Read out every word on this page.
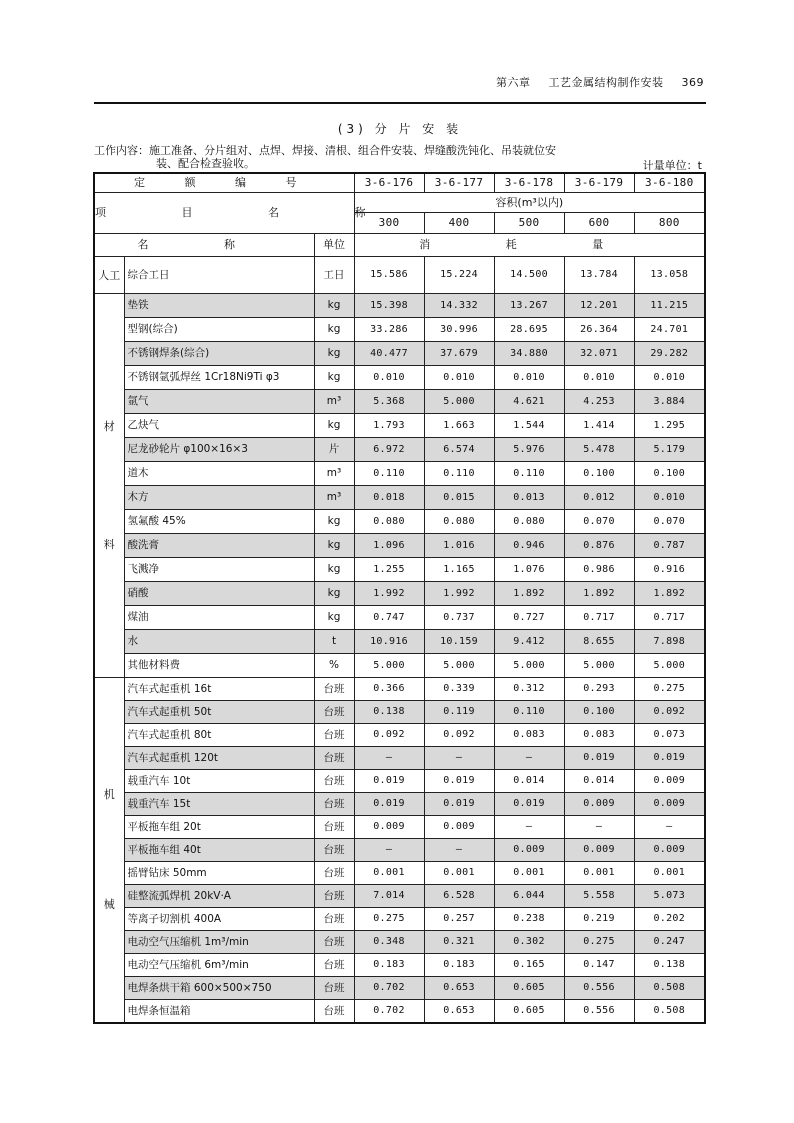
第六章 工艺金属结构制作安装 369
(3) 分 片 安 装
工作内容：施工准备、分片组对、点焊、焊接、清根、组合件安装、焊缝酸洗钝化、吊装就位安
装、配合检查验收。	计量单位：t
定 额 编 号			3-6-176	3-6-177	3-6-178	3-6-179	3-6-180
项 目 名 称			容积(m³以内)				
			300	400	500	600	800
名 称		单位	消 耗 量				
人工	综合工日	工日	15.586	15.224	14.500	13.784	13.058
材料	垫铁	kg	15.398	14.332	13.267	12.201	11.215
	型钢(综合)	kg	33.286	30.996	28.695	26.364	24.701
	不锈钢焊条(综合)	kg	40.477	37.679	34.880	32.071	29.282
	不锈钢氩弧焊丝 1Cr18Ni9Ti φ3	kg	0.010	0.010	0.010	0.010	0.010
	氩气	m³	5.368	5.000	4.621	4.253	3.884
	乙炔气	kg	1.793	1.663	1.544	1.414	1.295
	尼龙砂轮片 φ100×16×3	片	6.972	6.574	5.976	5.478	5.179
	道木	m³	0.110	0.110	0.110	0.100	0.100
	木方	m³	0.018	0.015	0.013	0.012	0.010
	氢氟酸 45%	kg	0.080	0.080	0.080	0.070	0.070
	酸洗膏	kg	1.096	1.016	0.946	0.876	0.787
	飞溅净	kg	1.255	1.165	1.076	0.986	0.916
	硝酸	kg	1.992	1.992	1.892	1.892	1.892
	煤油	kg	0.747	0.737	0.727	0.717	0.717
	水	t	10.916	10.159	9.412	8.655	7.898
	其他材料费	%	5.000	5.000	5.000	5.000	5.000
机械	汽车式起重机 16t	台班	0.366	0.339	0.312	0.293	0.275
	汽车式起重机 50t	台班	0.138	0.119	0.110	0.100	0.092
	汽车式起重机 80t	台班	0.092	0.092	0.083	0.083	0.073
	汽车式起重机 120t	台班	—	—	—	0.019	0.019
	载重汽车 10t	台班	0.019	0.019	0.014	0.014	0.009
	载重汽车 15t	台班	0.019	0.019	0.019	0.009	0.009
	平板拖车组 20t	台班	0.009	0.009	—	—	—
	平板拖车组 40t	台班	—	—	0.009	0.009	0.009
	摇臂钻床 50mm	台班	0.001	0.001	0.001	0.001	0.001
	硅整流弧焊机 20kV·A	台班	7.014	6.528	6.044	5.558	5.073
	等离子切割机 400A	台班	0.275	0.257	0.238	0.219	0.202
	电动空气压缩机 1m³/min	台班	0.348	0.321	0.302	0.275	0.247
	电动空气压缩机 6m³/min	台班	0.183	0.183	0.165	0.147	0.138
	电焊条烘干箱 600×500×750	台班	0.702	0.653	0.605	0.556	0.508
	电焊条恒温箱	台班	0.702	0.653	0.605	0.556	0.508
